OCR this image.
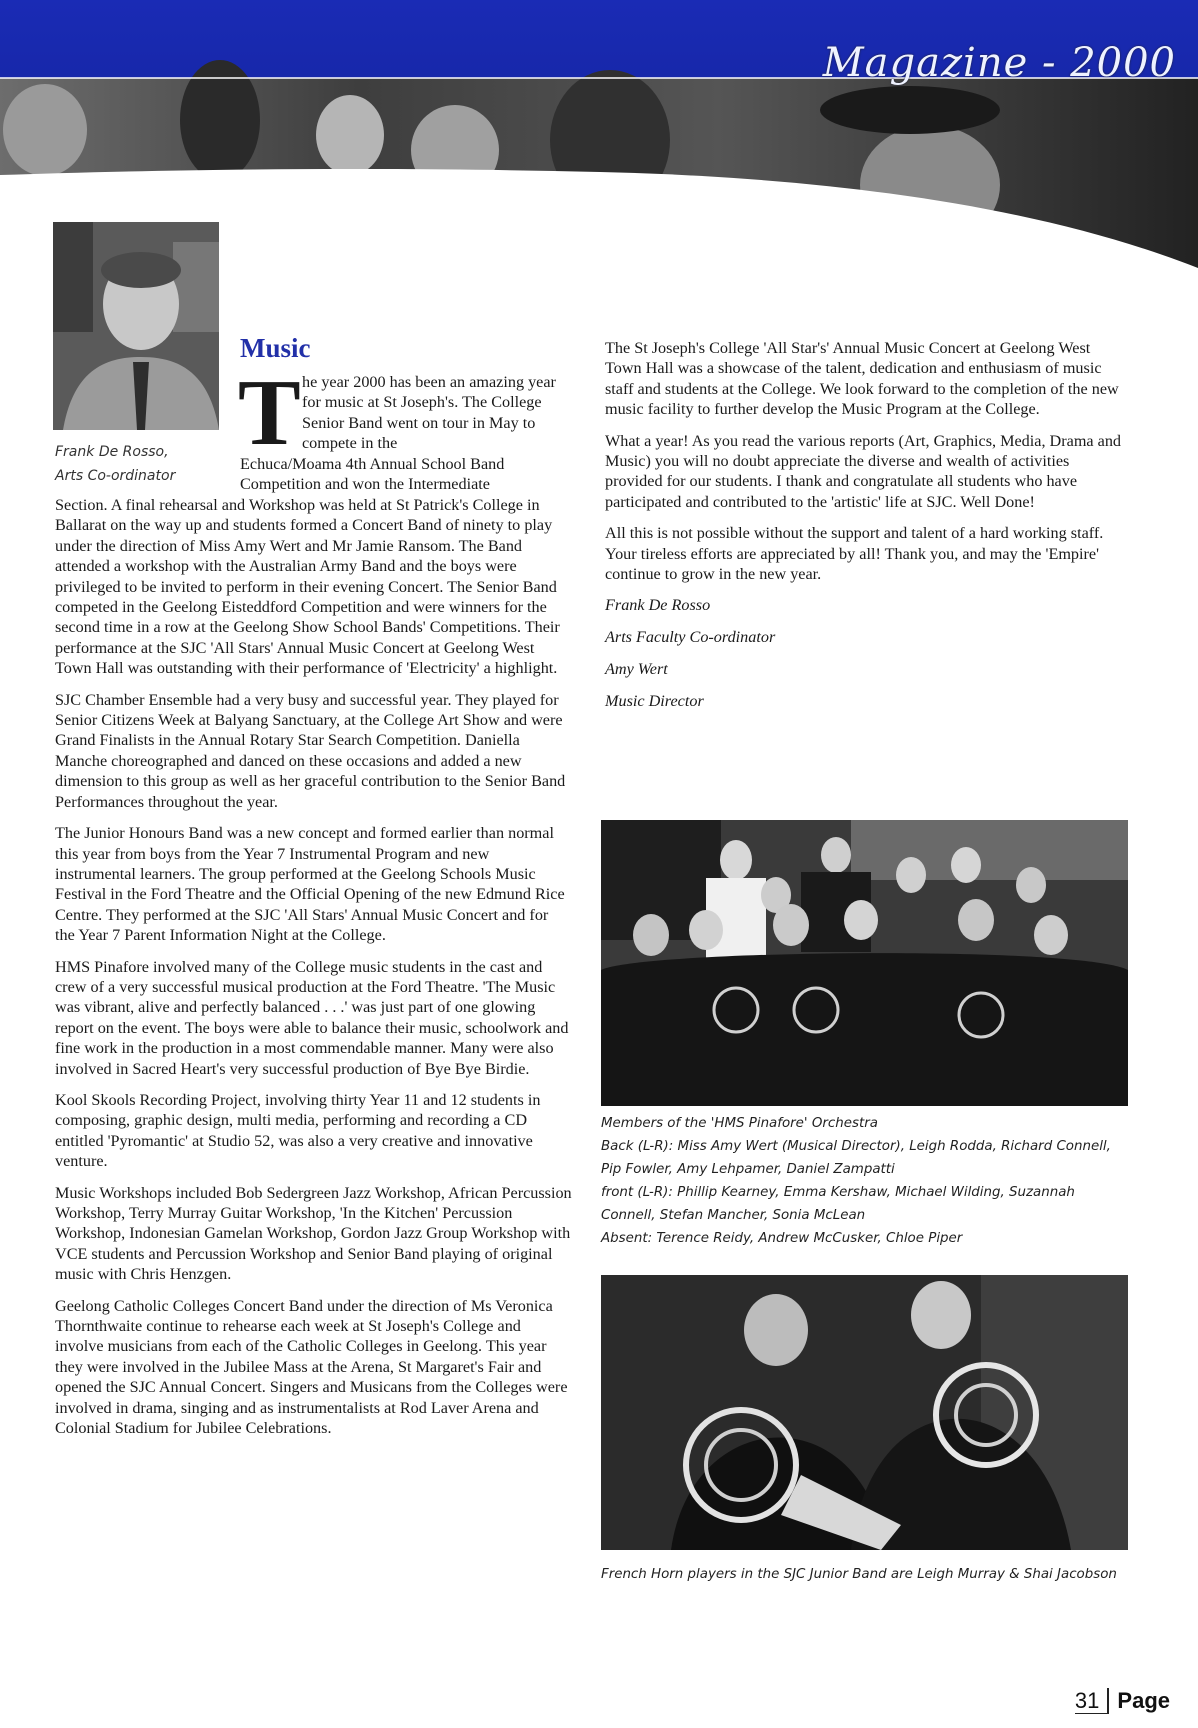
Magazine - 2000
Frank De Rosso,
Arts Co-ordinator
Music
T he year 2000 has been an amazing year for music at St Joseph's. The College Senior Band went on tour in May to compete in the

Echuca/Moama 4th Annual School Band Competition and won the Intermediate

Section. A final rehearsal and Workshop was held at St Patrick's College in Ballarat on the way up and students formed a Concert Band of ninety to play under the direction of Miss Amy Wert and Mr Jamie Ransom. The Band attended a workshop with the Australian Army Band and the boys were privileged to be invited to perform in their evening Concert. The Senior Band competed in the Geelong Eisteddford Competition and were winners for the second time in a row at the Geelong Show School Bands' Competitions. Their performance at the SJC 'All Stars' Annual Music Concert at Geelong West Town Hall was outstanding with their performance of 'Electricity' a highlight.

SJC Chamber Ensemble had a very busy and successful year. They played for Senior Citizens Week at Balyang Sanctuary, at the College Art Show and were Grand Finalists in the Annual Rotary Star Search Competition. Daniella Manche choreographed and danced on these occasions and added a new dimension to this group as well as her graceful contribution to the Senior Band Performances throughout the year.

The Junior Honours Band was a new concept and formed earlier than normal this year from boys from the Year 7 Instrumental Program and new instrumental learners. The group performed at the Geelong Schools Music Festival in the Ford Theatre and the Official Opening of the new Edmund Rice Centre. They performed at the SJC 'All Stars' Annual Music Concert and for the Year 7 Parent Information Night at the College.

HMS Pinafore involved many of the College music students in the cast and crew of a very successful musical production at the Ford Theatre. 'The Music was vibrant, alive and perfectly balanced . . .' was just part of one glowing report on the event. The boys were able to balance their music, schoolwork and fine work in the production in a most commendable manner. Many were also involved in Sacred Heart's very successful production of Bye Bye Birdie.

Kool Skools Recording Project, involving thirty Year 11 and 12 students in composing, graphic design, multi media, performing and recording a CD entitled 'Pyromantic' at Studio 52, was also a very creative and innovative venture.

Music Workshops included Bob Sedergreen Jazz Workshop, African Percussion Workshop, Terry Murray Guitar Workshop, 'In the Kitchen' Percussion Workshop, Indonesian Gamelan Workshop, Gordon Jazz Group Workshop with VCE students and Percussion Workshop and Senior Band playing of original music with Chris Henzgen.

Geelong Catholic Colleges Concert Band under the direction of Ms Veronica Thornthwaite continue to rehearse each week at St Joseph's College and involve musicians from each of the Catholic Colleges in Geelong. This year they were involved in the Jubilee Mass at the Arena, St Margaret's Fair and opened the SJC Annual Concert. Singers and Musicans from the Colleges were involved in drama, singing and as instrumentalists at Rod Laver Arena and Colonial Stadium for Jubilee Celebrations.

The St Joseph's College 'All Star's' Annual Music Concert at Geelong West Town Hall was a showcase of the talent, dedication and enthusiasm of music staff and students at the College. We look forward to the completion of the new music facility to further develop the Music Program at the College.

What a year! As you read the various reports (Art, Graphics, Media, Drama and Music) you will no doubt appreciate the diverse and wealth of activities provided for our students. I thank and congratulate all students who have participated and contributed to the 'artistic' life at SJC. Well Done!

All this is not possible without the support and talent of a hard working staff. Your tireless efforts are appreciated by all! Thank you, and may the 'Empire' continue to grow in the new year.

Frank De Rosso

Arts Faculty Co-ordinator

Amy Wert

Music Director

Members of the 'HMS Pinafore' Orchestra
Back (L-R): Miss Amy Wert (Musical Director), Leigh Rodda, Richard Connell,
Pip Fowler, Amy Lehpamer, Daniel Zampatti
front (L-R): Phillip Kearney, Emma Kershaw, Michael Wilding, Suzannah
Connell, Stefan Mancher, Sonia McLean
Absent: Terence Reidy, Andrew McCusker, Chloe Piper
French Horn players in the SJC Junior Band are Leigh Murray & Shai Jacobson
31 Page
